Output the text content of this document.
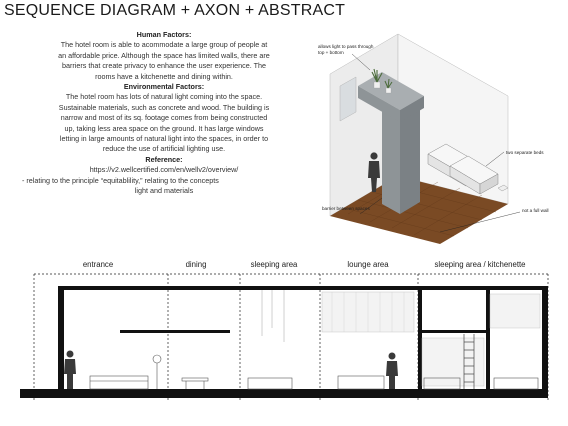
SEQUENCE DIAGRAM + AXON + ABSTRACT
Human Factors:
The hotel room is able to acommodate a large group of people at
an affordable price. Although the space has limited walls, there are
barriers that create privacy to enhance the user experience. The
rooms have a kitchenette and dining within.
Environmental Factors:
The hotel room has lots of natural light coming into the space.
Sustainable materials, such as concrete and wood. The building is
narrow and most of its sq. footage comes from being constructed
up, taking less area space on the ground. It has large windows
letting in large amounts of natural light into the spaces, in order to
reduce the use of artificial lighting use.
Reference:
https://v2.wellcertified.com/en/wellv2/overview/
- relating to the principle “equitablility,” relating to the concepts
light and materials
allows light to pass through
top + bottom
two separate beds
barrier between spaces	not a full wall
entrance	dining	sleeping area	lounge area	sleeping area / kitchenette
